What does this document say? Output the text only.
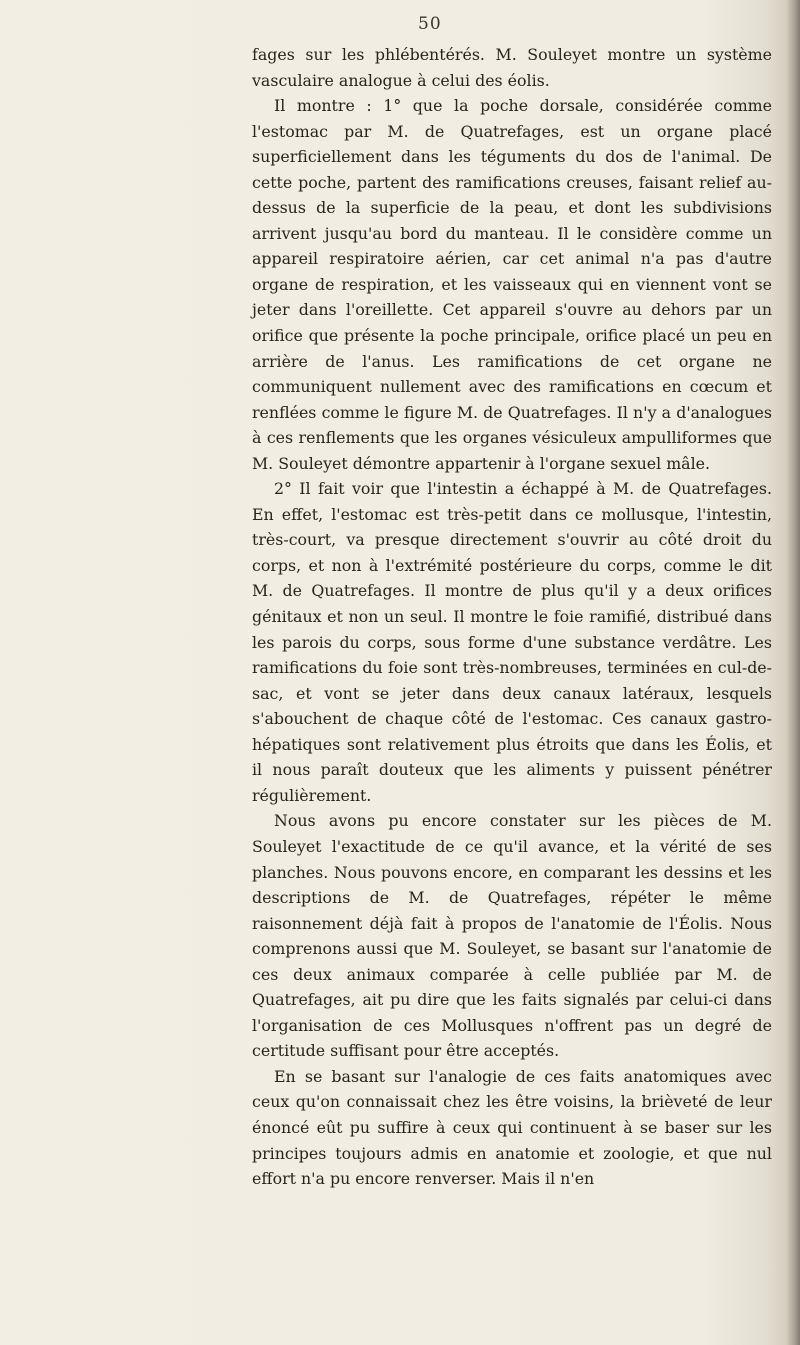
50

fages sur les phlébentérés. M. Souleyet montre un système vasculaire analogue à celui des éolis.

Il montre : 1° que la poche dorsale, considérée comme l'estomac par M. de Quatrefages, est un organe placé superficiellement dans les téguments du dos de l'animal. De cette poche, partent des ramifications creuses, faisant relief au-dessus de la superficie de la peau, et dont les subdivisions arrivent jusqu'au bord du manteau. Il le considère comme un appareil respiratoire aérien, car cet animal n'a pas d'autre organe de respiration, et les vaisseaux qui en viennent vont se jeter dans l'oreillette. Cet appareil s'ouvre au dehors par un orifice que présente la poche principale, orifice placé un peu en arrière de l'anus. Les ramifications de cet organe ne communiquent nullement avec des ramifications en cœcum et renflées comme le figure M. de Quatrefages. Il n'y a d'analogues à ces renflements que les organes vésiculeux ampulliformes que M. Souleyet démontre appartenir à l'organe sexuel mâle.

2° Il fait voir que l'intestin a échappé à M. de Quatrefages. En effet, l'estomac est très-petit dans ce mollusque, l'intestin, très-court, va presque directement s'ouvrir au côté droit du corps, et non à l'extrémité postérieure du corps, comme le dit M. de Quatrefages. Il montre de plus qu'il y a deux orifices génitaux et non un seul. Il montre le foie ramifié, distribué dans les parois du corps, sous forme d'une substance verdâtre. Les ramifications du foie sont très-nombreuses, terminées en cul-de-sac, et vont se jeter dans deux canaux latéraux, lesquels s'abouchent de chaque côté de l'estomac. Ces canaux gastro-hépatiques sont relativement plus étroits que dans les Éolis, et il nous paraît douteux que les aliments y puissent pénétrer régulièrement.

Nous avons pu encore constater sur les pièces de M. Souleyet l'exactitude de ce qu'il avance, et la vérité de ses planches. Nous pouvons encore, en comparant les dessins et les descriptions de M. de Quatrefages, répéter le même raisonnement déjà fait à propos de l'anatomie de l'Éolis. Nous comprenons aussi que M. Souleyet, se basant sur l'anatomie de ces deux animaux comparée à celle publiée par M. de Quatrefages, ait pu dire que les faits signalés par celui-ci dans l'organisation de ces Mollusques n'offrent pas un degré de certitude suffisant pour être acceptés.

En se basant sur l'analogie de ces faits anatomiques avec ceux qu'on connaissait chez les être voisins, la brièveté de leur énoncé eût pu suffire à ceux qui continuent à se baser sur les principes toujours admis en anatomie et zoologie, et que nul effort n'a pu encore renverser. Mais il n'en
